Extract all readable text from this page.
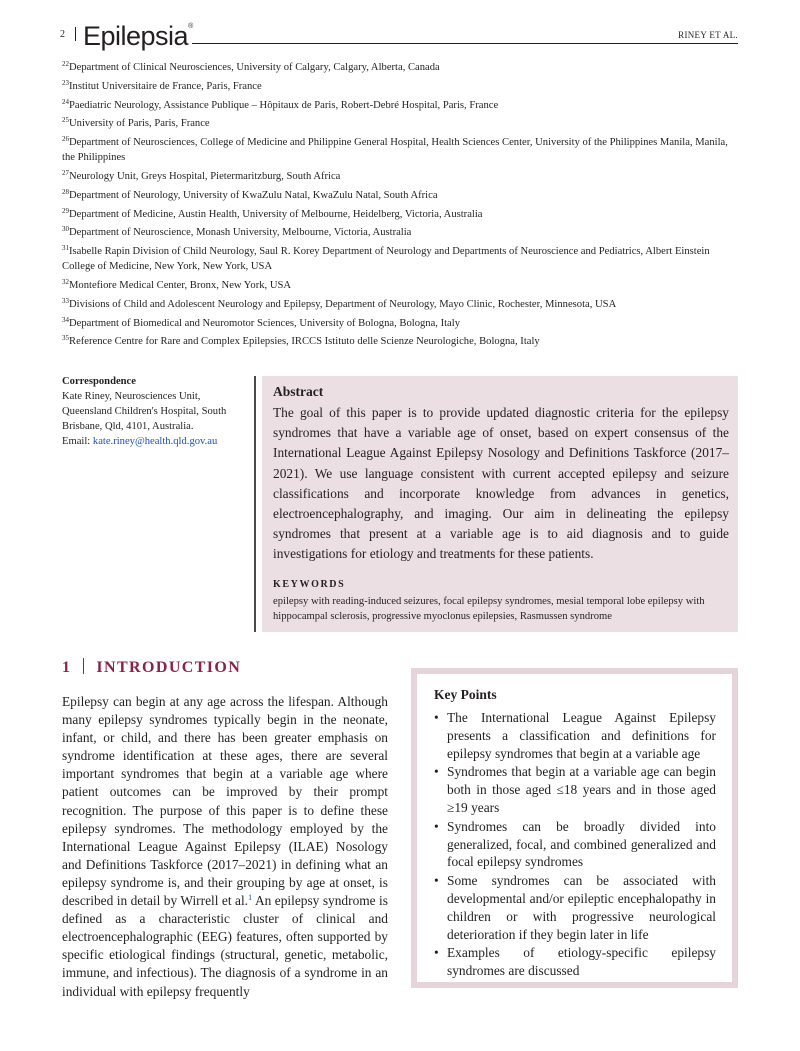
2 Epilepsia®
RINEY ET AL.

$^{22}$Department of Clinical Neurosciences, University of Calgary, Calgary, Alberta, Canada

$^{23}$Institut Universitaire de France, Paris, France

$^{24}$Paediatric Neurology, Assistance Publique – Hôpitaux de Paris, Robert-Debré Hospital, Paris, France

$^{25}$University of Paris, Paris, France

$^{26}$Department of Neurosciences, College of Medicine and Philippine General Hospital, Health Sciences Center, University of the Philippines Manila, Manila, the Philippines

$^{27}$Neurology Unit, Greys Hospital, Pietermaritzburg, South Africa

$^{28}$Department of Neurology, University of KwaZulu Natal, KwaZulu Natal, South Africa

$^{29}$Department of Medicine, Austin Health, University of Melbourne, Heidelberg, Victoria, Australia

$^{30}$Department of Neuroscience, Monash University, Melbourne, Victoria, Australia

$^{31}$Isabelle Rapin Division of Child Neurology, Saul R. Korey Department of Neurology and Departments of Neuroscience and Pediatrics, Albert Einstein College of Medicine, New York, New York, USA

$^{32}$Montefiore Medical Center, Bronx, New York, USA

$^{33}$Divisions of Child and Adolescent Neurology and Epilepsy, Department of Neurology, Mayo Clinic, Rochester, Minnesota, USA

$^{34}$Department of Biomedical and Neuromotor Sciences, University of Bologna, Bologna, Italy

$^{35}$Reference Centre for Rare and Complex Epilepsies, IRCCS Istituto delle Scienze Neurologiche, Bologna, Italy

Correspondence
Kate Riney, Neurosciences Unit,
Queensland Children's Hospital, South
Brisbane, Qld, 4101, Australia.
Email: kate.riney@health.qld.gov.au
Abstract
The goal of this paper is to provide updated diagnostic criteria for the epilepsy syndromes that have a variable age of onset, based on expert consensus of the International League Against Epilepsy Nosology and Definitions Taskforce (2017–2021). We use language consistent with current accepted epilepsy and seizure classifications and incorporate knowledge from advances in genetics, electroencephalography, and imaging. Our aim in delineating the epilepsy syndromes that present at a variable age is to aid diagnosis and to guide investigations for etiology and treatments for these patients.
KEYWORDS
epilepsy with reading-induced seizures, focal epilepsy syndromes, mesial temporal lobe epilepsy with hippocampal sclerosis, progressive myoclonus epilepsies, Rasmussen syndrome
1 INTRODUCTION
Epilepsy can begin at any age across the lifespan. Although many epilepsy syndromes typically begin in the neonate, infant, or child, and there has been greater emphasis on syndrome identification at these ages, there are several important syndromes that begin at a variable age where patient outcomes can be improved by their prompt recognition. The purpose of this paper is to define these epilepsy syndromes. The methodology employed by the International League Against Epilepsy (ILAE) Nosology and Definitions Taskforce (2017–2021) in defining what an epilepsy syndrome is, and their grouping by age at onset, is described in detail by Wirrell et al.$^1$ An epilepsy syndrome is defined as a characteristic cluster of clinical and electroencephalographic (EEG) features, often supported by specific etiological findings (structural, genetic, metabolic, immune, and infectious). The diagnosis of a syndrome in an individual with epilepsy frequently
Key Points
• The International League Against Epilepsy presents a classification and definitions for epilepsy syndromes that begin at a variable age
• Syndromes that begin at a variable age can begin both in those aged ≤18 years and in those aged ≥19 years
• Syndromes can be broadly divided into generalized, focal, and combined generalized and focal epilepsy syndromes
• Some syndromes can be associated with developmental and/or epileptic encephalopathy in children or with progressive neurological deterioration if they begin later in life
• Examples of etiology-specific epilepsy syndromes are discussed
